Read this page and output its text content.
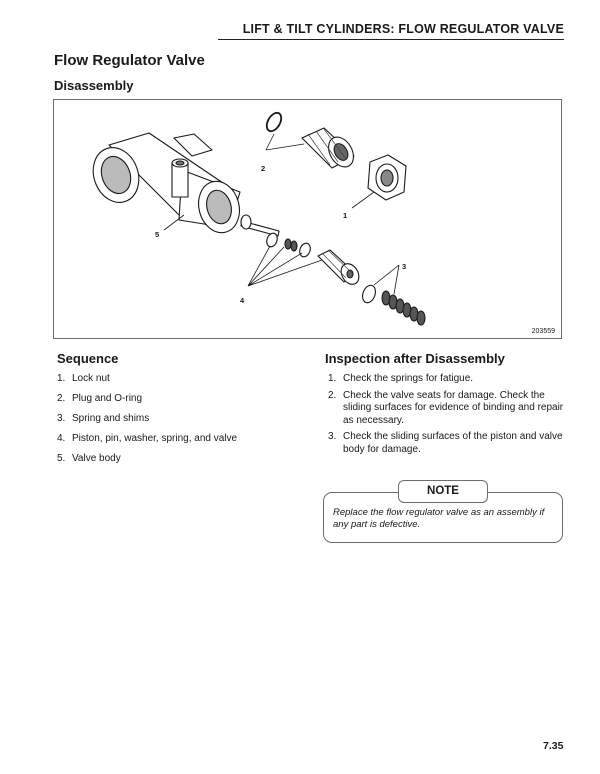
LIFT & TILT CYLINDERS: FLOW REGULATOR VALVE
Flow Regulator Valve
Disassembly
1
2
3
4
5
203559
Sequence
1. Lock nut
2. Plug and O-ring
3. Spring and shims
4. Piston, pin, washer, spring, and valve
5. Valve body
Inspection after Disassembly
1. Check the springs for fatigue.
2. Check the valve seats for damage. Check the sliding surfaces for evidence of binding and repair as necessary.
3. Check the sliding surfaces of the piston and valve body for damage.
NOTE
Replace the flow regulator valve as an assembly if any part is defective.
7.35
